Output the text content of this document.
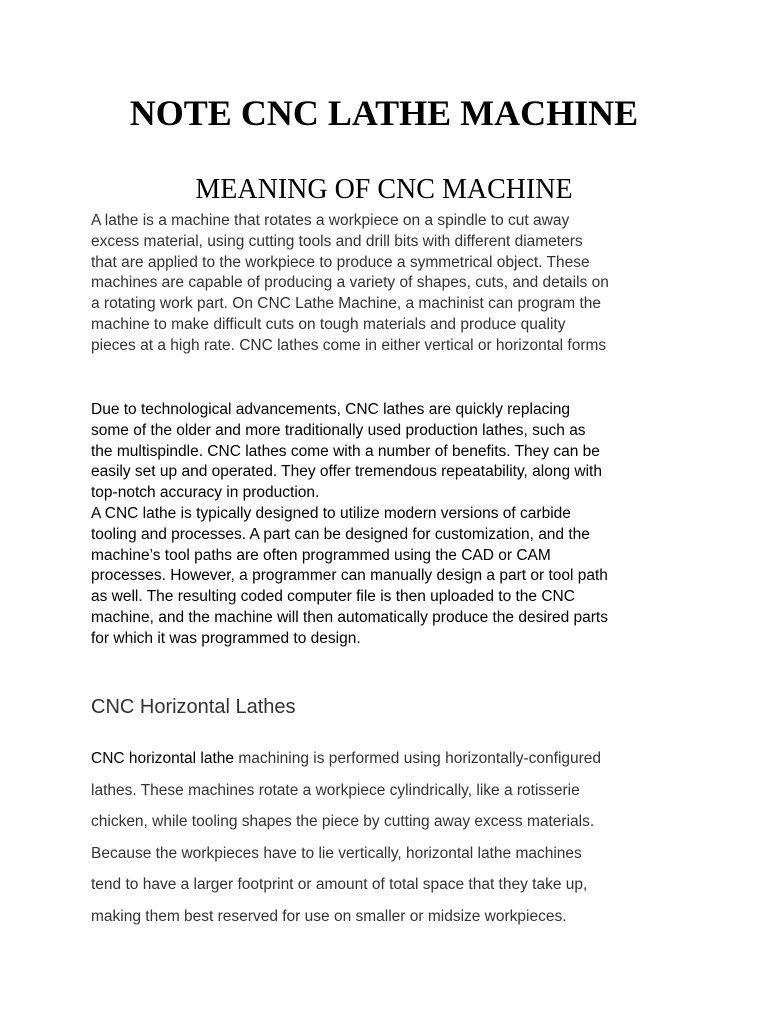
NOTE CNC LATHE MACHINE
MEANING OF CNC MACHINE

A lathe is a machine that rotates a workpiece on a spindle to cut away
excess material, using cutting tools and drill bits with different diameters
that are applied to the workpiece to produce a symmetrical object. These
machines are capable of producing a variety of shapes, cuts, and details on
a rotating work part. On CNC Lathe Machine, a machinist can program the
machine to make difficult cuts on tough materials and produce quality
pieces at a high rate. CNC lathes come in either vertical or horizontal forms

Due to technological advancements, CNC lathes are quickly replacing
some of the older and more traditionally used production lathes, such as
the multispindle. CNC lathes come with a number of benefits. They can be
easily set up and operated. They offer tremendous repeatability, along with
top-notch accuracy in production.

A CNC lathe is typically designed to utilize modern versions of carbide
tooling and processes. A part can be designed for customization, and the
machine’s tool paths are often programmed using the CAD or CAM
processes. However, a programmer can manually design a part or tool path
as well. The resulting coded computer file is then uploaded to the CNC
machine, and the machine will then automatically produce the desired parts
for which it was programmed to design.

CNC Horizontal Lathes

CNC horizontal lathe machining is performed using horizontally-configured
lathes. These machines rotate a workpiece cylindrically, like a rotisserie
chicken, while tooling shapes the piece by cutting away excess materials.
Because the workpieces have to lie vertically, horizontal lathe machines
tend to have a larger footprint or amount of total space that they take up,
making them best reserved for use on smaller or midsize workpieces.
